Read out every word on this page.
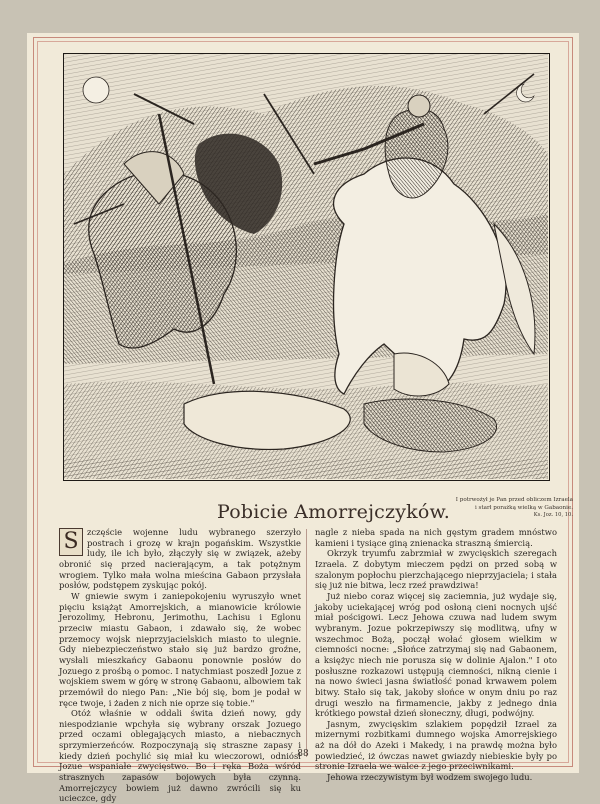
Pobicie Amorrejczyków.
I potrwożył je Pan przed obliczem Izraela
i starł porażką wielką w Gabaonie.
Ks. Joz. 10, 10.

S	zczęście wojenne ludu wybranego szerzyło postrach i grozę w krajn pogańskim. Wszystkie ludy, ile ich było, złączyły się w związek, ażeby obronić się przed nacierającym, a tak potężnym wrogiem. Tylko mała wolna mieścina Gabaon przysłała posłów, podstępem zyskując pokój.

W gniewie swym i zaniepokojeniu wyruszyło wnet pięciu książąt Amorrejskich, a mianowicie królowie Jerozolimy, Hebronu, Jerimothu, Lachisu i Eglonu przeciw miastu Gabaon, i zdawało się, że wobec przemocy wojsk nieprzyjacielskich miasto to ulegnie. Gdy niebezpieczeństwo stało się już bardzo groźne, wysłali mieszkańcy Gabaonu ponownie posłów do Jozuego z prośbą o pomoc. I natychmiast poszedł Jozue z wojskiem swem w górę w stronę Gabaonu, albowiem tak przemówił do niego Pan: „Nie bój się, bom je podał w ręce twoje, i żaden z nich nie oprze się tobie."

Otóż właśnie w oddali świta dzień nowy, gdy niespodzianie wpchyła się wybrany orszak Jozuego przed oczami oblegających miasto, a niebacznych sprzymierzeńców. Rozpoczynają się straszne zapasy i kiedy dzień pochylić się miał ku wieczorowi, odniósł Jozue wspaniałe zwycięstwo. Bo i ręka Boża wśród strasznych zapasów bojowych była czynną. Amorrejczycy bowiem już dawno zwrócili się ku ucieczce, gdy

nagle z nieba spada na nich gęstym gradem mnóstwo kamieni i tysiące giną znienacka straszną śmiercią.

Okrzyk tryumfu zabrzmiał w zwycięskich szeregach Izraela. Z dobytym mieczem pędzi on przed sobą w szalonym popłochu pierzchającego nieprzyjaciela; i stała się już nie bitwa, lecz rzeź prawdziwa!

Już niebo coraz więcej się zaciemnia, już wydaje się, jakoby uciekającej wróg pod osłoną cieni nocnych ujść miał pościgowi. Lecz Jehowa czuwa nad ludem swym wybranym. Jozue pokrzepiwszy się modlitwą, ufny w wszechmoc Bożą, począł wołać głosem wielkim w ciemności nocne: „Słońce zatrzymaj się nad Gabaonem, a księżyc niech nie porusza się w dolinie Ajalon." I oto posłuszne rozkazowi ustępują ciemności, nikną cienie i na nowo świeci jasna światłość ponad krwawem polem bitwy. Stało się tak, jakoby słońce w onym dniu po raz drugi weszło na firmamencie, jakby z jednego dnia krótkiego powstał dzień słoneczny, długi, podwójny.

Jasnym, zwycięskim szlakiem popędził Izrael za mizernymi rozbitkami dumnego wojska Amorrejskiego aż na dół do Azeki i Makedy, i na prawdę można było powiedzieć, iż ówczas nawet gwiazdy niebieskie były po stronie Izraela we walce z jego przeciwnikami.

Jehowa rzeczywistym był wodzem swojego ludu.

88
